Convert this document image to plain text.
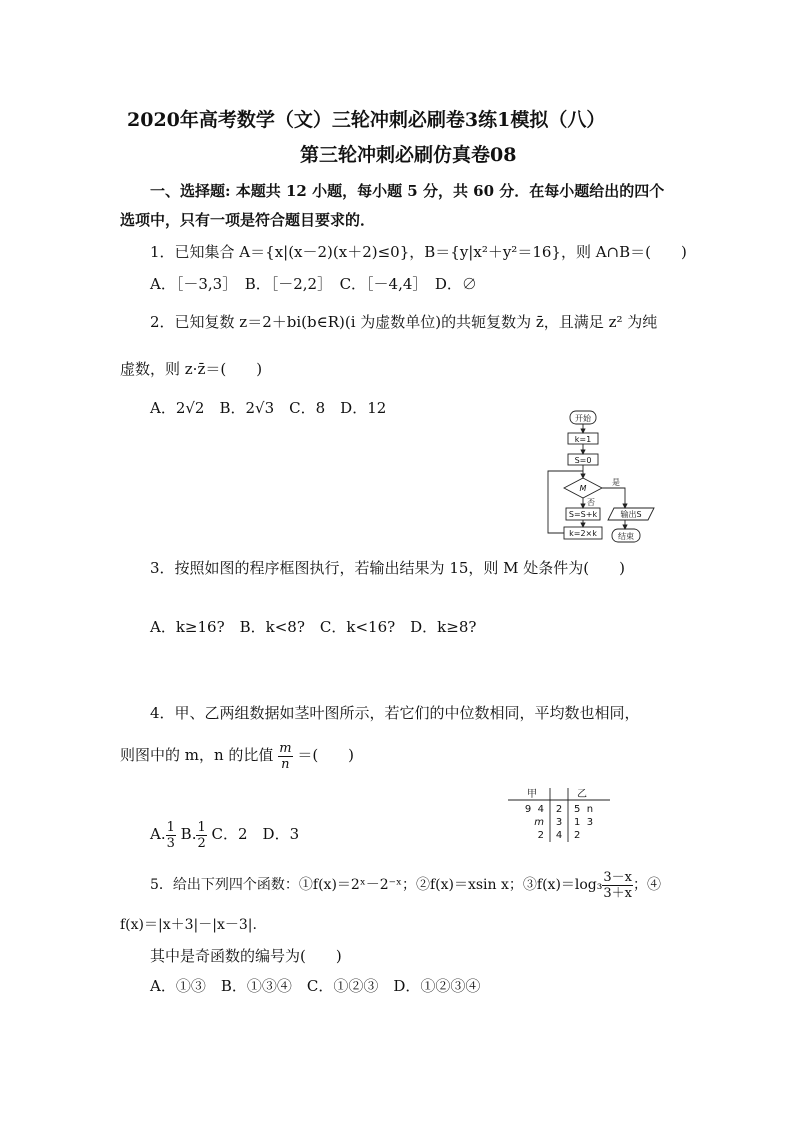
2020年高考数学（文）三轮冲刺必刷卷3练1模拟（八）
第三轮冲刺必刷仿真卷08
一、选择题: 本题共 12 小题，每小题 5 分，共 60 分．在每小题给出的四个
选项中，只有一项是符合题目要求的．
1．已知集合 A＝{x|(x－2)(x＋2)≤0}，B＝{y|x²＋y²＝16}，则 A∩B＝(　　)
A．［－3,3］　B．［－2,2］　C．［－4,4］　D．∅
2．已知复数 z＝2＋bi(b∈R)(i 为虚数单位)的共轭复数为 z̄，且满足 z² 为纯
虚数，则 z·z̄＝(　　)
A．2√2　B．2√3　C．8　D．12
开始
k=1
S=0
M
是
否
S=S+k
k=2×k
输出S
结束
3．按照如图的程序框图执行，若输出结果为 15，则 M 处条件为(　　)
A．k≥16?　B．k<8?　C．k<16?　D．k≥8?
4．甲、乙两组数据如茎叶图所示，若它们的中位数相同，平均数也相同，
则图中的 m，n 的比值 $\frac{m}{n}$ ＝(　　)
甲	乙
9  4 2 5  n
m 3 1  3
2 4 2
A. $\frac{1}{3} B$. $\frac{1}{2}$ C．2　D．3
5．给出下列四个函数：①f(x)＝2ˣ－2⁻ˣ；②f(x)＝xsin x；③f(x)＝log₃ $\frac{3-x}{3+x}$ ；④
f(x)＝|x＋3|－|x－3|.
其中是奇函数的编号为(　　)
A．①③　B．①③④　C．①②③　D．①②③④
